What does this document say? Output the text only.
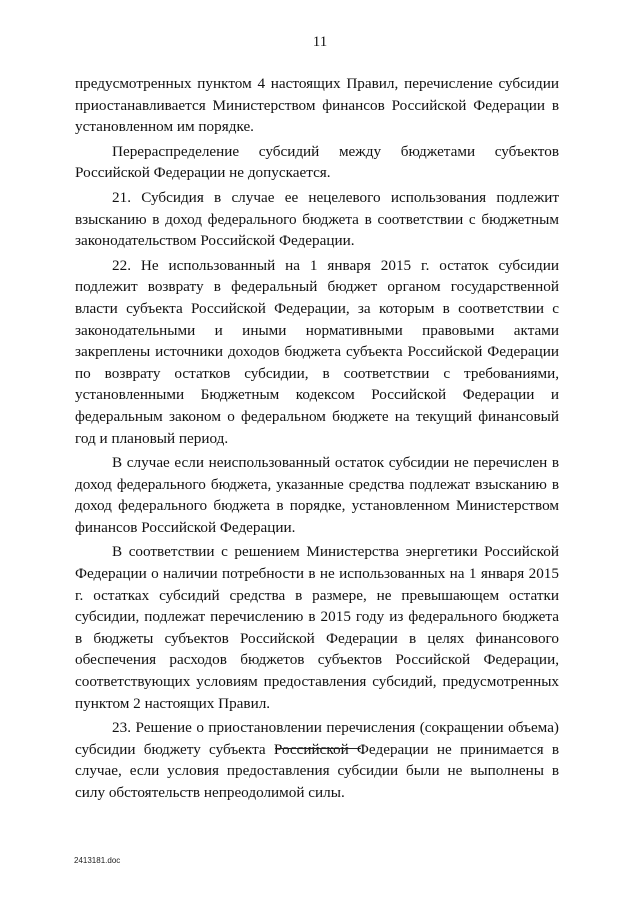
11

предусмотренных пунктом 4 настоящих Правил, перечисление субсидии приостанавливается Министерством финансов Российской Федерации в установленном им порядке.

Перераспределение субсидий между бюджетами субъектов Российской Федерации не допускается.

21. Субсидия в случае ее нецелевого использования подлежит взысканию в доход федерального бюджета в соответствии с бюджетным законодательством Российской Федерации.

22. Не использованный на 1 января 2015 г. остаток субсидии подлежит возврату в федеральный бюджет органом государственной власти субъекта Российской Федерации, за которым в соответствии с законодательными и иными нормативными правовыми актами закреплены источники доходов бюджета субъекта Российской Федерации по возврату остатков субсидии, в соответствии с требованиями, установленными Бюджетным кодексом Российской Федерации и федеральным законом о федеральном бюджете на текущий финансовый год и плановый период.

В случае если неиспользованный остаток субсидии не перечислен в доход федерального бюджета, указанные средства подлежат взысканию в доход федерального бюджета в порядке, установленном Министерством финансов Российской Федерации.

В соответствии с решением Министерства энергетики Российской Федерации о наличии потребности в не использованных на 1 января 2015 г. остатках субсидий средства в размере, не превышающем остатки субсидии, подлежат перечислению в 2015 году из федерального бюджета в бюджеты субъектов Российской Федерации в целях финансового обеспечения расходов бюджетов субъектов Российской Федерации, соответствующих условиям предоставления субсидий, предусмотренных пунктом 2 настоящих Правил.

23. Решение о приостановлении перечисления (сокращении объема) субсидии бюджету субъекта Российской Федерации не принимается в случае, если условия предоставления субсидии были не выполнены в силу обстоятельств непреодолимой силы.

2413181.doc
